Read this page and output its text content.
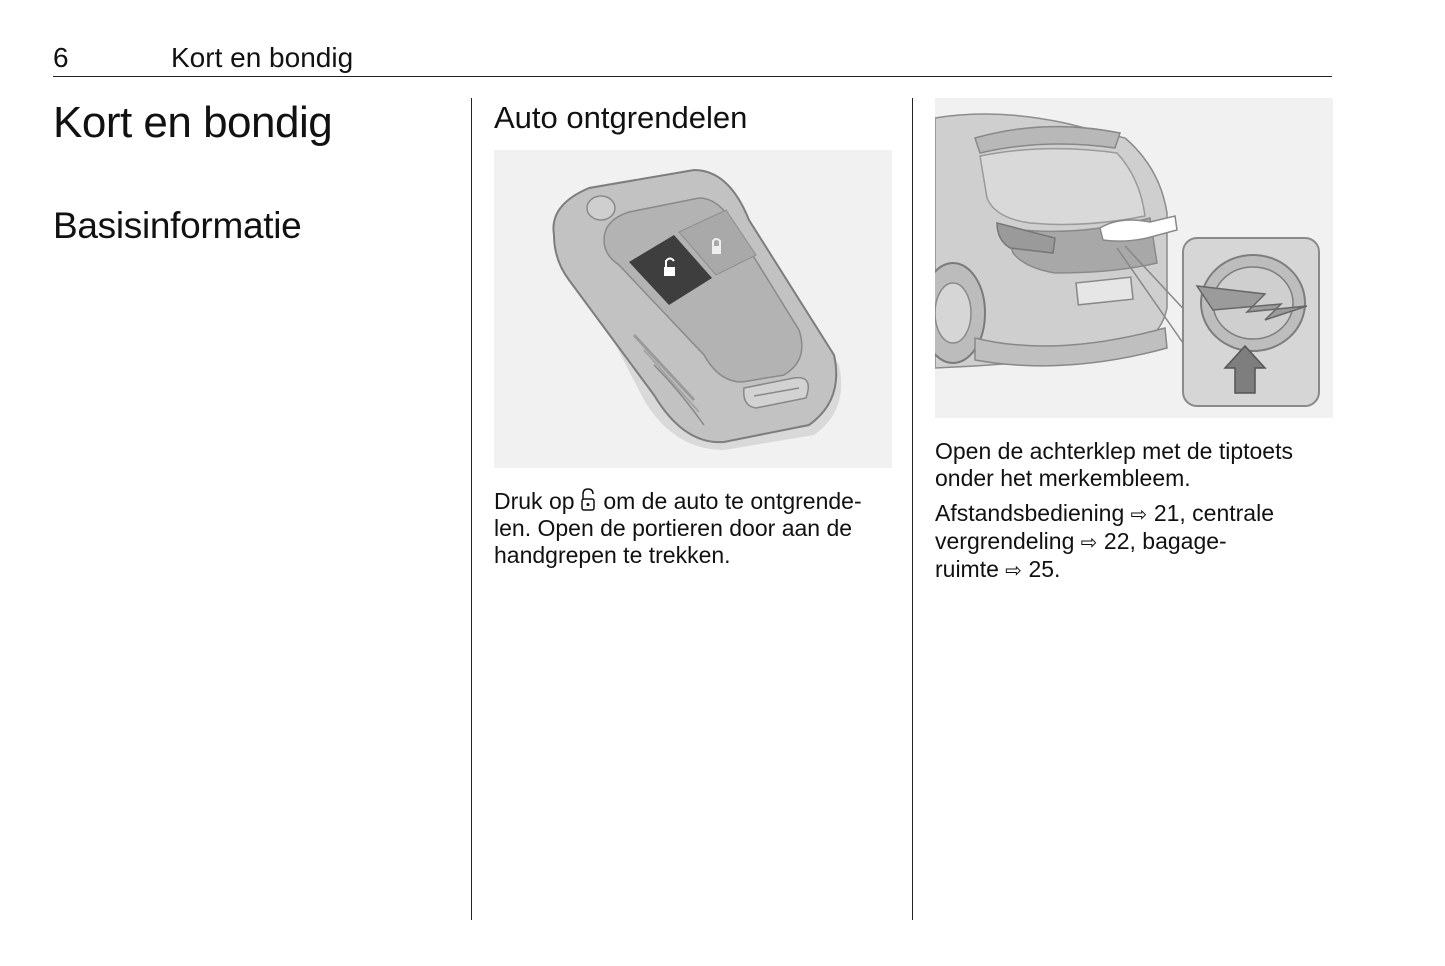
6	Kort en bondig
Kort en bondig
Basisinformatie
Auto ontgrendelen
Druk op om de auto te ontgrende-
len. Open de portieren door aan de
handgrepen te trekken.
Open de achterklep met de tiptoets
onder het merkembleem.
Afstandsbediening ⇨ 21, centrale
vergrendeling ⇨ 22, bagage-
ruimte ⇨ 25.
